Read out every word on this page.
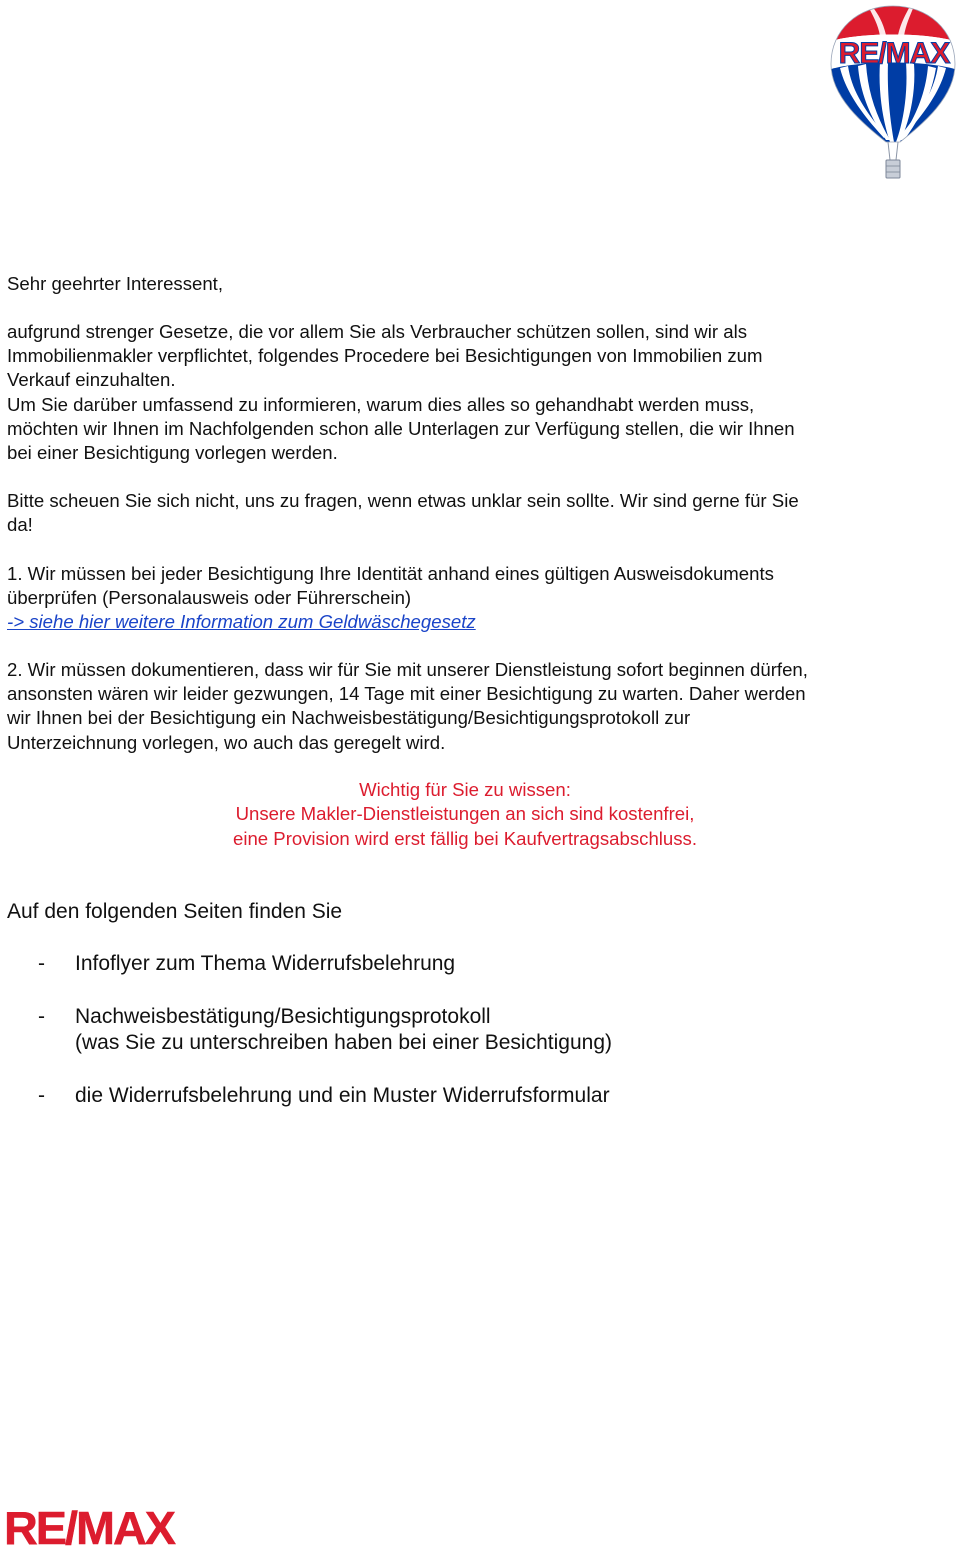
RE/MAX

Sehr geehrter Interessent,

aufgrund strenger Gesetze, die vor allem Sie als Verbraucher schützen sollen, sind wir als
Immobilienmakler verpflichtet, folgendes Procedere bei Besichtigungen von Immobilien zum
Verkauf einzuhalten.
Um Sie darüber umfassend zu informieren, warum dies alles so gehandhabt werden muss,
möchten wir Ihnen im Nachfolgenden schon alle Unterlagen zur Verfügung stellen, die wir Ihnen
bei einer Besichtigung vorlegen werden.
Bitte scheuen Sie sich nicht, uns zu fragen, wenn etwas unklar sein sollte. Wir sind gerne für Sie
da!
1. Wir müssen bei jeder Besichtigung Ihre Identität anhand eines gültigen Ausweisdokuments
überprüfen (Personalausweis oder Führerschein)
-> siehe hier weitere Information zum Geldwäschegesetz
2. Wir müssen dokumentieren, dass wir für Sie mit unserer Dienstleistung sofort beginnen dürfen,
ansonsten wären wir leider gezwungen, 14 Tage mit einer Besichtigung zu warten. Daher werden
wir Ihnen bei der Besichtigung ein Nachweisbestätigung/Besichtigungsprotokoll zur
Unterzeichnung vorlegen, wo auch das geregelt wird.
Wichtig für Sie zu wissen:
Unsere Makler-Dienstleistungen an sich sind kostenfrei,
eine Provision wird erst fällig bei Kaufvertragsabschluss.
Auf den folgenden Seiten finden Sie
- Infoflyer zum Thema Widerrufsbelehrung
- Nachweisbestätigung/Besichtigungsprotokoll
(was Sie zu unterschreiben haben bei einer Besichtigung)
- die Widerrufsbelehrung und ein Muster Widerrufsformular
RE/MAX
